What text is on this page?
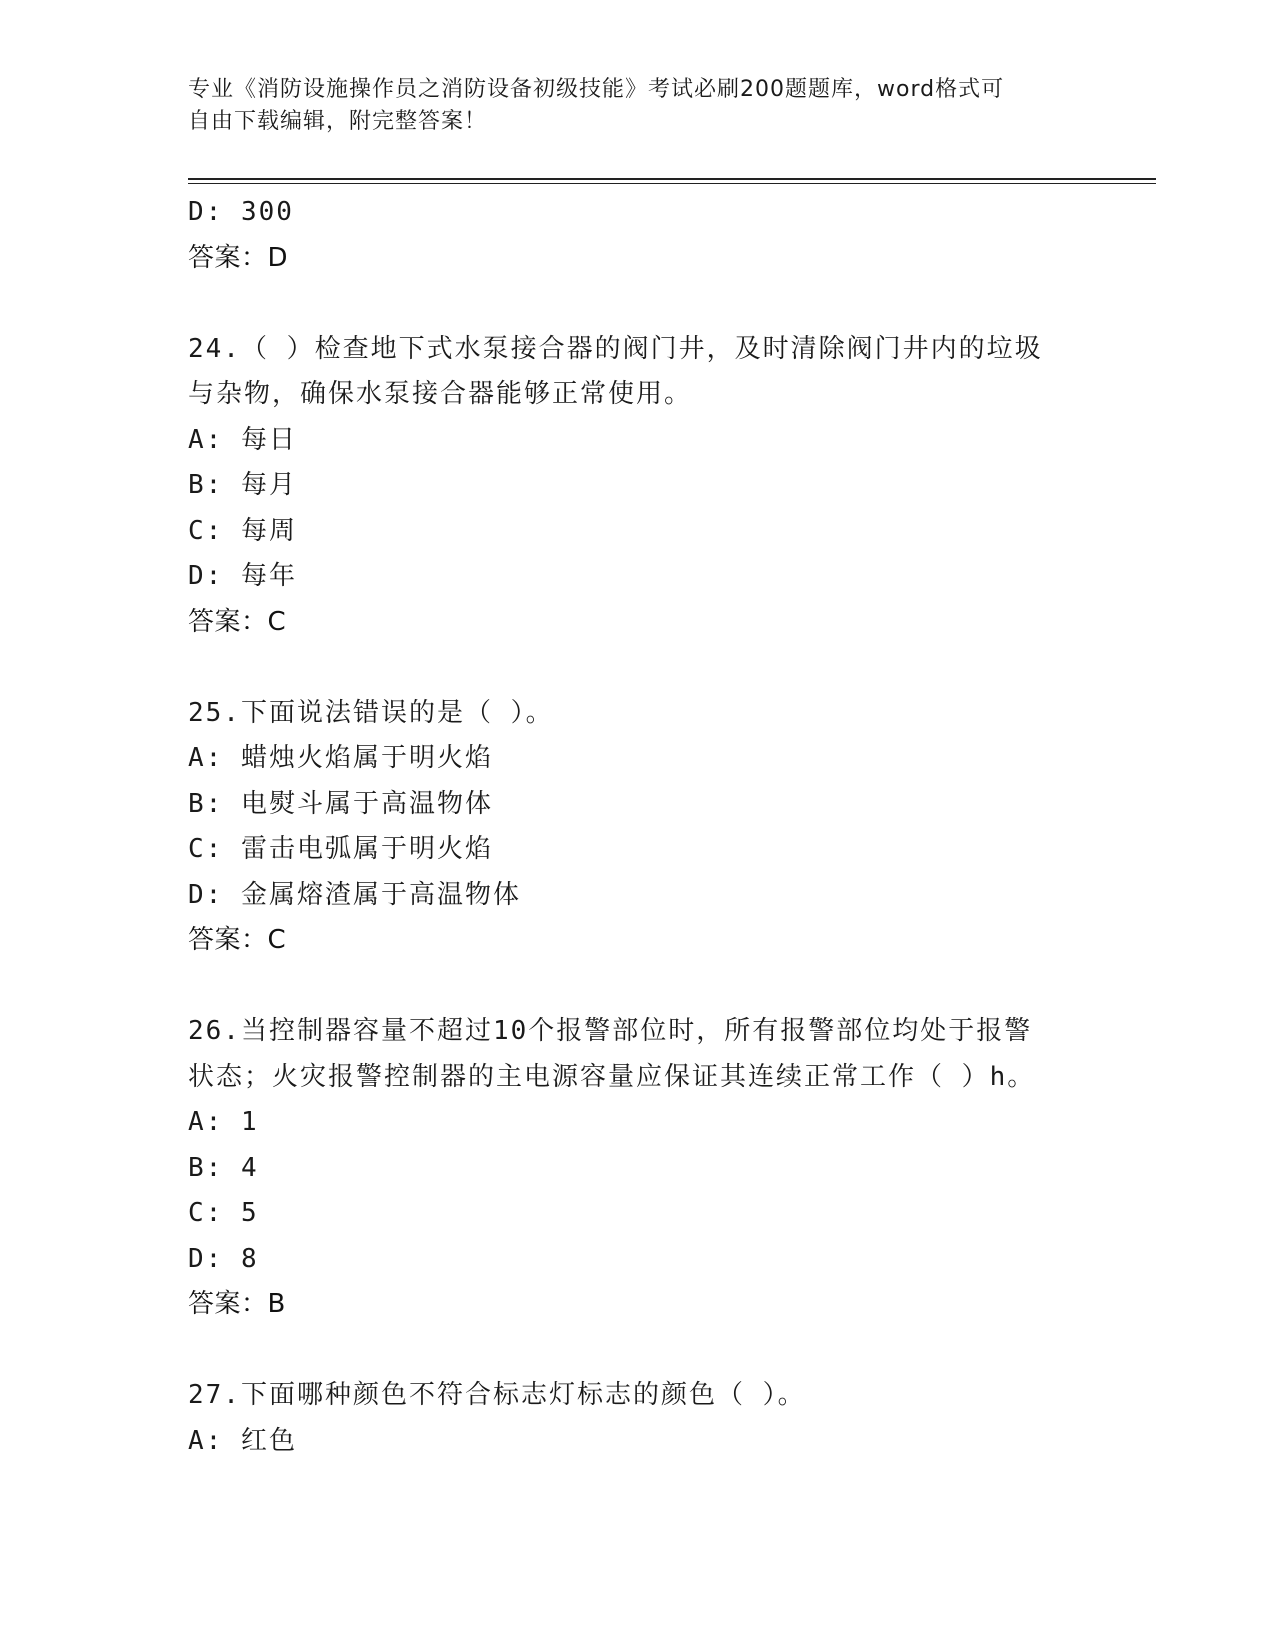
专业《消防设施操作员之消防设备初级技能》考试必刷200题题库，word格式可
自由下载编辑，附完整答案！
D: 300
答案：D
24.（ ）检查地下式水泵接合器的阀门井，及时清除阀门井内的垃圾
与杂物，确保水泵接合器能够正常使用。
A: 每日
B: 每月
C: 每周
D: 每年
答案：C
25.下面说法错误的是（ ）。
A: 蜡烛火焰属于明火焰
B: 电熨斗属于高温物体
C: 雷击电弧属于明火焰
D: 金属熔渣属于高温物体
答案：C
26.当控制器容量不超过10个报警部位时，所有报警部位均处于报警
状态；火灾报警控制器的主电源容量应保证其连续正常工作（ ）h。
A: 1
B: 4
C: 5
D: 8
答案：B
27.下面哪种颜色不符合标志灯标志的颜色（ ）。
A: 红色
